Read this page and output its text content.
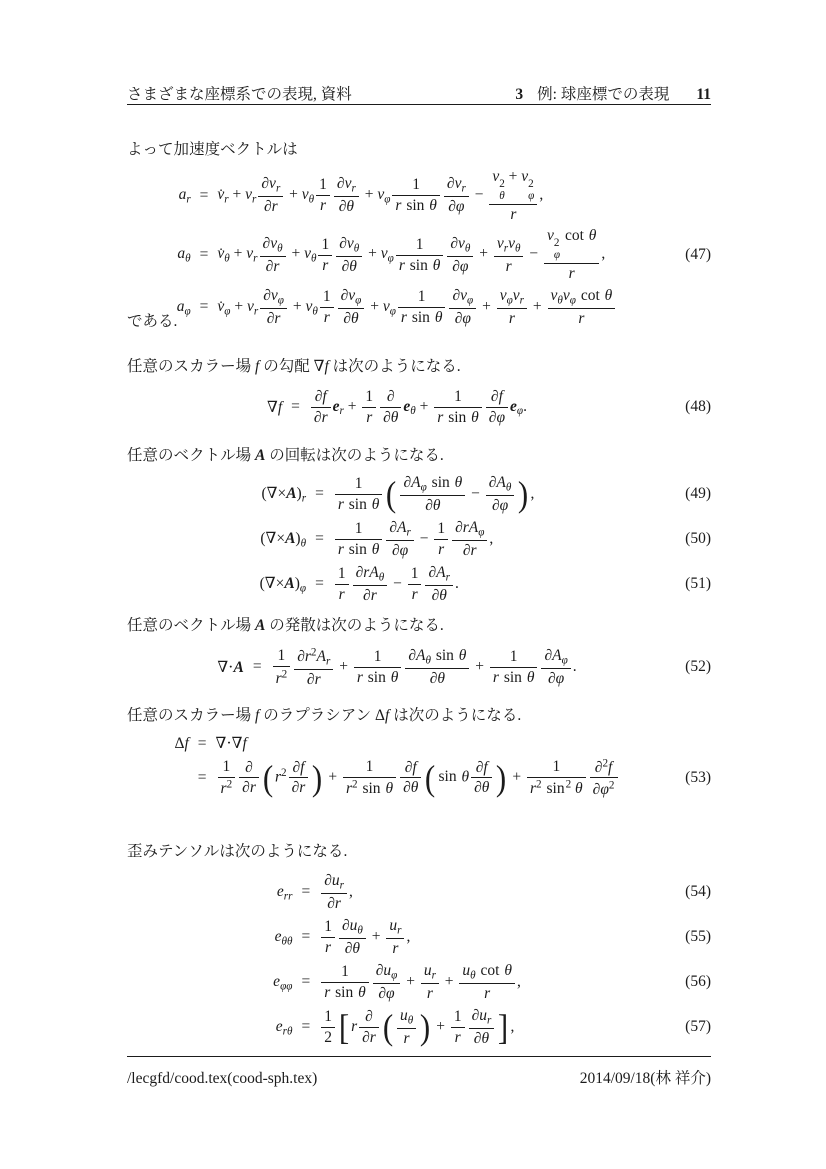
さまざまな座標系での表現, 資料	3 例: 球座標での表現 11
よって加速度ベクトルは
$a_r$ = $v̇_r + v_r \frac{\partial v_r}{\partial r} + v_\theta \frac{1}{r} \frac{\partial v_r}{\partial\theta} + v_\varphi \frac{1}{\text{r sin θ}} \frac{\partial v_r}{\partial\varphi} - v$ 2
θ
+ v 2
φ
r ,
$a_\theta$ = $v̇_\theta + v_r \frac{\partial v_\theta}{\partial r} + v_\theta \frac{1}{r} \frac{\partial v_\theta}{\partial\theta} + v_\varphi \frac{1}{\text{r sin θ}} \frac{\partial v_\theta}{\partial\varphi} + \frac{v_rv_\theta}{r} - v$ 2
φ
cot θ
r ,	(47)
$a_\varphi$ = $v̇_\varphi + v_r \frac{\partial v_\varphi}{\partial r} + v_\theta \frac{1}{r} \frac{\partial v_\varphi}{\partial\theta} + v_\varphi \frac{1}{\text{r sin θ}} \frac{\partial v_\varphi}{\partial\varphi} + \frac{v_\varphi v_r}{r} + \frac{v_\theta v_\varphi \cot \theta}{r}$
である.
任意のスカラー場 f の勾配 ∇f は次のようになる.
$\nabla f = \frac{\partial f}{\partial r} e_r + \frac{1}{r} \frac{\partial}{\partial\theta} e_\theta + \frac{1}{\text{r sin θ}} \frac{\partial f}{\partial\varphi} e_\varphi$.	(48)
任意のベクトル場 A の回転は次のようになる.
$(\nabla\times A)_r = \frac{1}{\text{r sin θ}}$ ( $\frac{\partial A_\varphi \sin \theta}{\partial\theta} - \frac{\partial A_\theta}{\partial\varphi}$ ) ,	(49)
$(\nabla\times A)_\theta = \frac{1}{\text{r sin θ}} \frac{\partial A_r}{\partial\varphi} - \frac{1}{r} \frac{\partial rA_\varphi}{\partial r}$ ,	(50)
$(\nabla\times A)_\varphi = \frac{1}{r} \frac{\partial rA_\theta}{\partial r} - \frac{1}{r} \frac{\partial A_r}{\partial\theta}$ .	(51)
任意のベクトル場 A の発散は次のようになる.
$\nabla\cdot A = \frac{1}{r^2} \frac{\partial r^2A_r}{\partial r} + \frac{1}{\text{r sin θ}} \frac{\partial A_\theta \sin \theta}{\partial\theta} + \frac{1}{\text{r sin θ}} \frac{\partial A_\varphi}{\partial\varphi}$ .	(52)
任意のスカラー場 f のラプラシアン Δf は次のようになる.
Δf = ∇⋅∇f
= $\frac{1}{r^2} \frac{\partial}{\partial r}$ ( $r^2 \frac{\partial f}{\partial r}$ ) + $\frac{1}{r^2 \sin \theta} \frac{\partial f}{\partial\theta}$ ( sin θ $\frac{\partial f}{\partial\theta}$ ) + $\frac{1}{r^2 \sin^2 \theta} \frac{\partial^2f}{\partial\varphi^2}$	(53)
歪みテンソルは次のようになる.
$e_{rr} = \frac{\partial u_r}{\partial r}$ ,	(54)
$e_{\theta\theta} = \frac{1}{r} \frac{\partial u_\theta}{\partial\theta} + \frac{u_r}{r}$ ,	(55)
$e_{\varphi\varphi} = \frac{1}{\text{r sin θ}} \frac{\partial u_\varphi}{\partial\varphi} + \frac{u_r}{r} + \frac{u_\theta \cot \theta}{r}$ ,	(56)
$e_{r\theta} = \frac{1}{2}$ [ r $\frac{\partial}{\partial r}$ ( $\frac{u_\theta}{r}$ ) + $\frac{1}{r} \frac{\partial u_r}{\partial\theta}$ ] ,	(57)
/lecgfd/cood.tex(cood-sph.tex)	2014/09/18(林 祥介)
